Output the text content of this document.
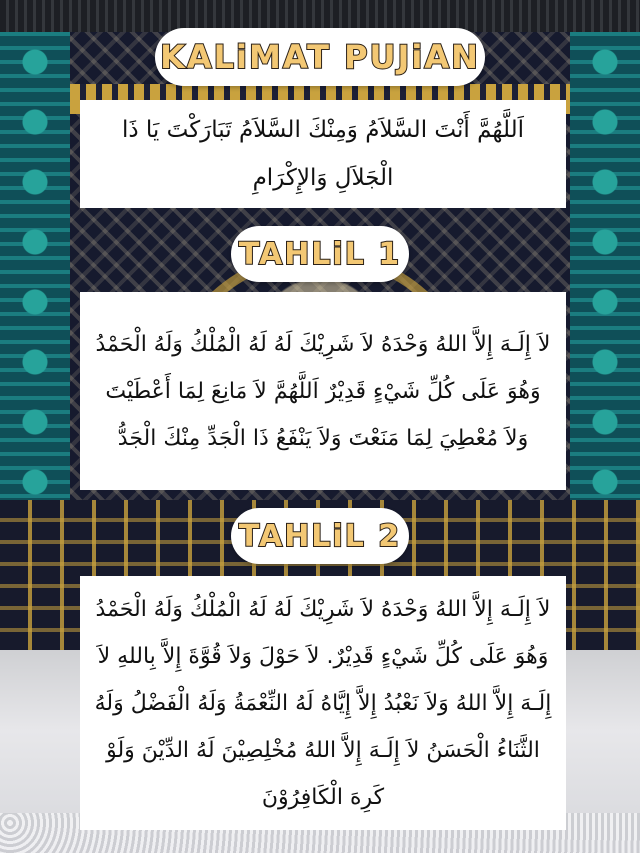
KALiMAT PUJiAN

اَللَّهُمَّ أَنْتَ السَّلاَمُ وَمِنْكَ السَّلاَمُ تَبَارَكْتَ يَا ذَا الْجَلاَلِ وَالإِكْرَامِ

TAHLiL 1

لاَ إِلَـهَ إِلاَّ اللهُ وَحْدَهُ لاَ شَرِيْكَ لَهُ لَهُ الْمُلْكُ وَلَهُ الْحَمْدُ وَهُوَ عَلَى كُلِّ شَيْءٍ قَدِيْرٌ اَللَّهُمَّ لاَ مَانِعَ لِمَا أَعْطَيْتَ وَلاَ مُعْطِيَ لِمَا مَنَعْتَ وَلاَ يَنْفَعُ ذَا الْجَدِّ مِنْكَ الْجَدُّ

TAHLiL 2

لاَ إِلَـهَ إِلاَّ اللهُ وَحْدَهُ لاَ شَرِيْكَ لَهُ لَهُ الْمُلْكُ وَلَهُ الْحَمْدُ وَهُوَ عَلَى كُلِّ شَيْءٍ قَدِيْرٌ. لاَ حَوْلَ وَلاَ قُوَّةَ إِلاَّ بِاللهِ لاَ إِلَـهَ إِلاَّ اللهُ وَلاَ نَعْبُدُ إِلاَّ إِيَّاهُ لَهُ النِّعْمَةُ وَلَهُ الْفَضْلُ وَلَهُ الثَّنَاءُ الْحَسَنُ لاَ إِلَـهَ إِلاَّ اللهُ مُخْلِصِيْنَ لَهُ الدِّيْنَ وَلَوْ كَرِهَ الْكَافِرُوْنَ
